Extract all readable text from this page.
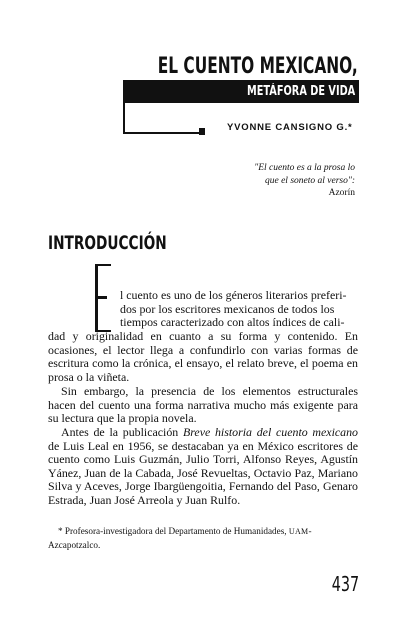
EL CUENTO MEXICANO,
METÁFORA DE VIDA
YVONNE CANSIGNO G.*
"El cuento es a la prosa lo
que el soneto al verso":
Azorín
INTRODUCCIÓN
l cuento es uno de los géneros literarios preferi-
dos por los escritores mexicanos de todos los
tiempos caracterizado con altos índices de cali-

dad y originalidad en cuanto a su forma y contenido. En ocasiones, el lector llega a confundirlo con varias formas de escritura como la crónica, el ensayo, el relato breve, el poema en prosa o la viñeta.

Sin embargo, la presencia de los elementos estructurales hacen del cuento una forma narrativa mucho más exigente para su lectura que la propia novela.

Antes de la publicación Breve historia del cuento mexicano de Luis Leal en 1956, se destacaban ya en México escritores de cuento como Luis Guzmán, Julio Torri, Alfonso Reyes, Agustín Yánez, Juan de la Cabada, José Revueltas, Octavio Paz, Mariano Silva y Aceves, Jorge Ibargüengoitia, Fernando del Paso, Genaro Estrada, Juan José Arreola y Juan Rulfo.

* Profesora-investigadora del Departamento de Humanidades, UAM-Azcapotzalco.
437
